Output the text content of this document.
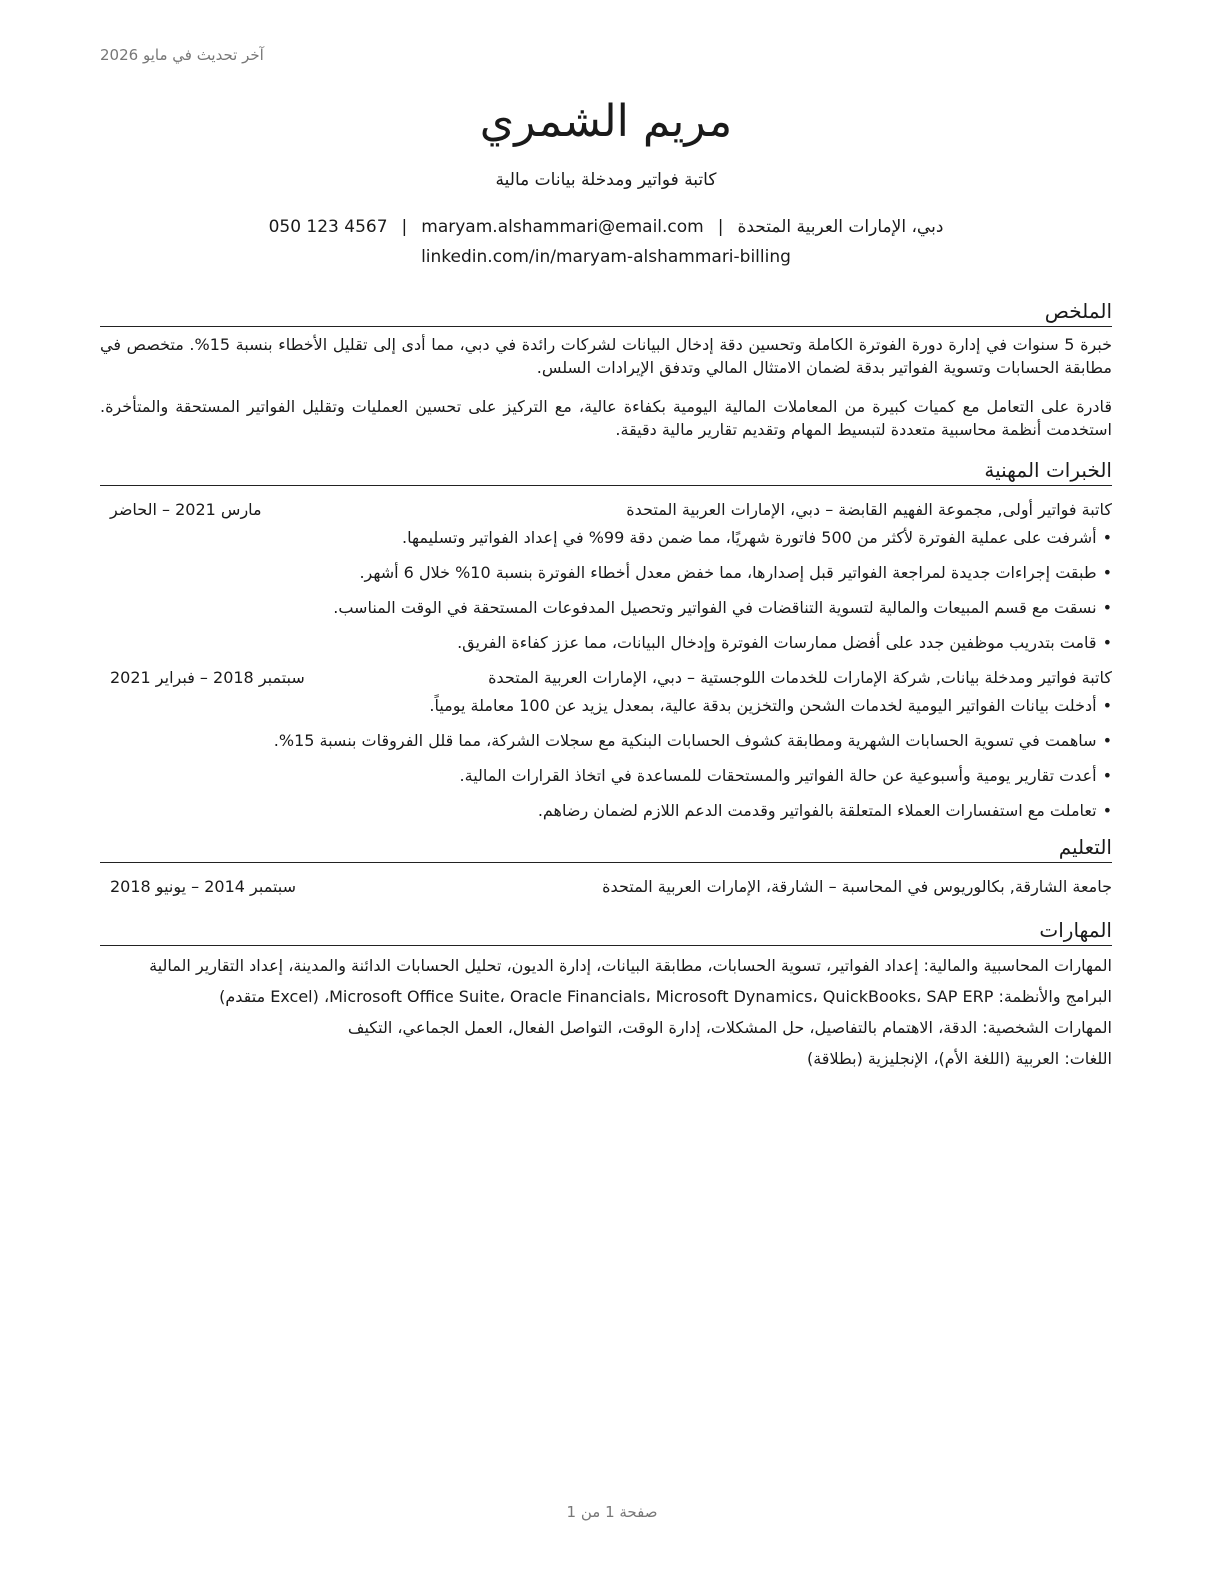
آخر تحديث في مايو 2026
مريم الشمري
كاتبة فواتير ومدخلة بيانات مالية
دبي، الإمارات العربية المتحدة|maryam.alshammari@email.com|050 123 4567
linkedin.com/in/maryam-alshammari-billing
الملخص

خبرة 5 سنوات في إدارة دورة الفوترة الكاملة وتحسين دقة إدخال البيانات لشركات رائدة في دبي، مما أدى إلى تقليل الأخطاء بنسبة 15%. متخصص في مطابقة الحسابات وتسوية الفواتير بدقة لضمان الامتثال المالي وتدفق الإيرادات السلس.

قادرة على التعامل مع كميات كبيرة من المعاملات المالية اليومية بكفاءة عالية، مع التركيز على تحسين العمليات وتقليل الفواتير المستحقة والمتأخرة. استخدمت أنظمة محاسبية متعددة لتبسيط المهام وتقديم تقارير مالية دقيقة.

الخبرات المهنية
كاتبة فواتير أولى, مجموعة الفهيم القابضة – دبي، الإمارات العربية المتحدة
مارس 2021 – الحاضر
• أشرفت على عملية الفوترة لأكثر من 500 فاتورة شهريًا، مما ضمن دقة 99% في إعداد الفواتير وتسليمها.
• طبقت إجراءات جديدة لمراجعة الفواتير قبل إصدارها، مما خفض معدل أخطاء الفوترة بنسبة 10% خلال 6 أشهر.
• نسقت مع قسم المبيعات والمالية لتسوية التناقضات في الفواتير وتحصيل المدفوعات المستحقة في الوقت المناسب.
• قامت بتدريب موظفين جدد على أفضل ممارسات الفوترة وإدخال البيانات، مما عزز كفاءة الفريق.
كاتبة فواتير ومدخلة بيانات, شركة الإمارات للخدمات اللوجستية – دبي، الإمارات العربية المتحدة
سبتمبر 2018 – فبراير 2021
• أدخلت بيانات الفواتير اليومية لخدمات الشحن والتخزين بدقة عالية، بمعدل يزيد عن 100 معاملة يومياً.
• ساهمت في تسوية الحسابات الشهرية ومطابقة كشوف الحسابات البنكية مع سجلات الشركة، مما قلل الفروقات بنسبة 15%.
• أعدت تقارير يومية وأسبوعية عن حالة الفواتير والمستحقات للمساعدة في اتخاذ القرارات المالية.
• تعاملت مع استفسارات العملاء المتعلقة بالفواتير وقدمت الدعم اللازم لضمان رضاهم.
التعليم
جامعة الشارقة, بكالوريوس في المحاسبة – الشارقة، الإمارات العربية المتحدة
سبتمبر 2014 – يونيو 2018
المهارات

المهارات المحاسبية والمالية: إعداد الفواتير، تسوية الحسابات، مطابقة البيانات، إدارة الديون، تحليل الحسابات الدائنة والمدينة، إعداد التقارير المالية

البرامج والأنظمة: Microsoft Office Suite، Oracle Financials، Microsoft Dynamics، QuickBooks، SAP ERP، (Excel متقدم)

المهارات الشخصية: الدقة، الاهتمام بالتفاصيل، حل المشكلات، إدارة الوقت، التواصل الفعال، العمل الجماعي، التكيف

اللغات: العربية (اللغة الأم)، الإنجليزية (بطلاقة)

صفحة 1 من 1
